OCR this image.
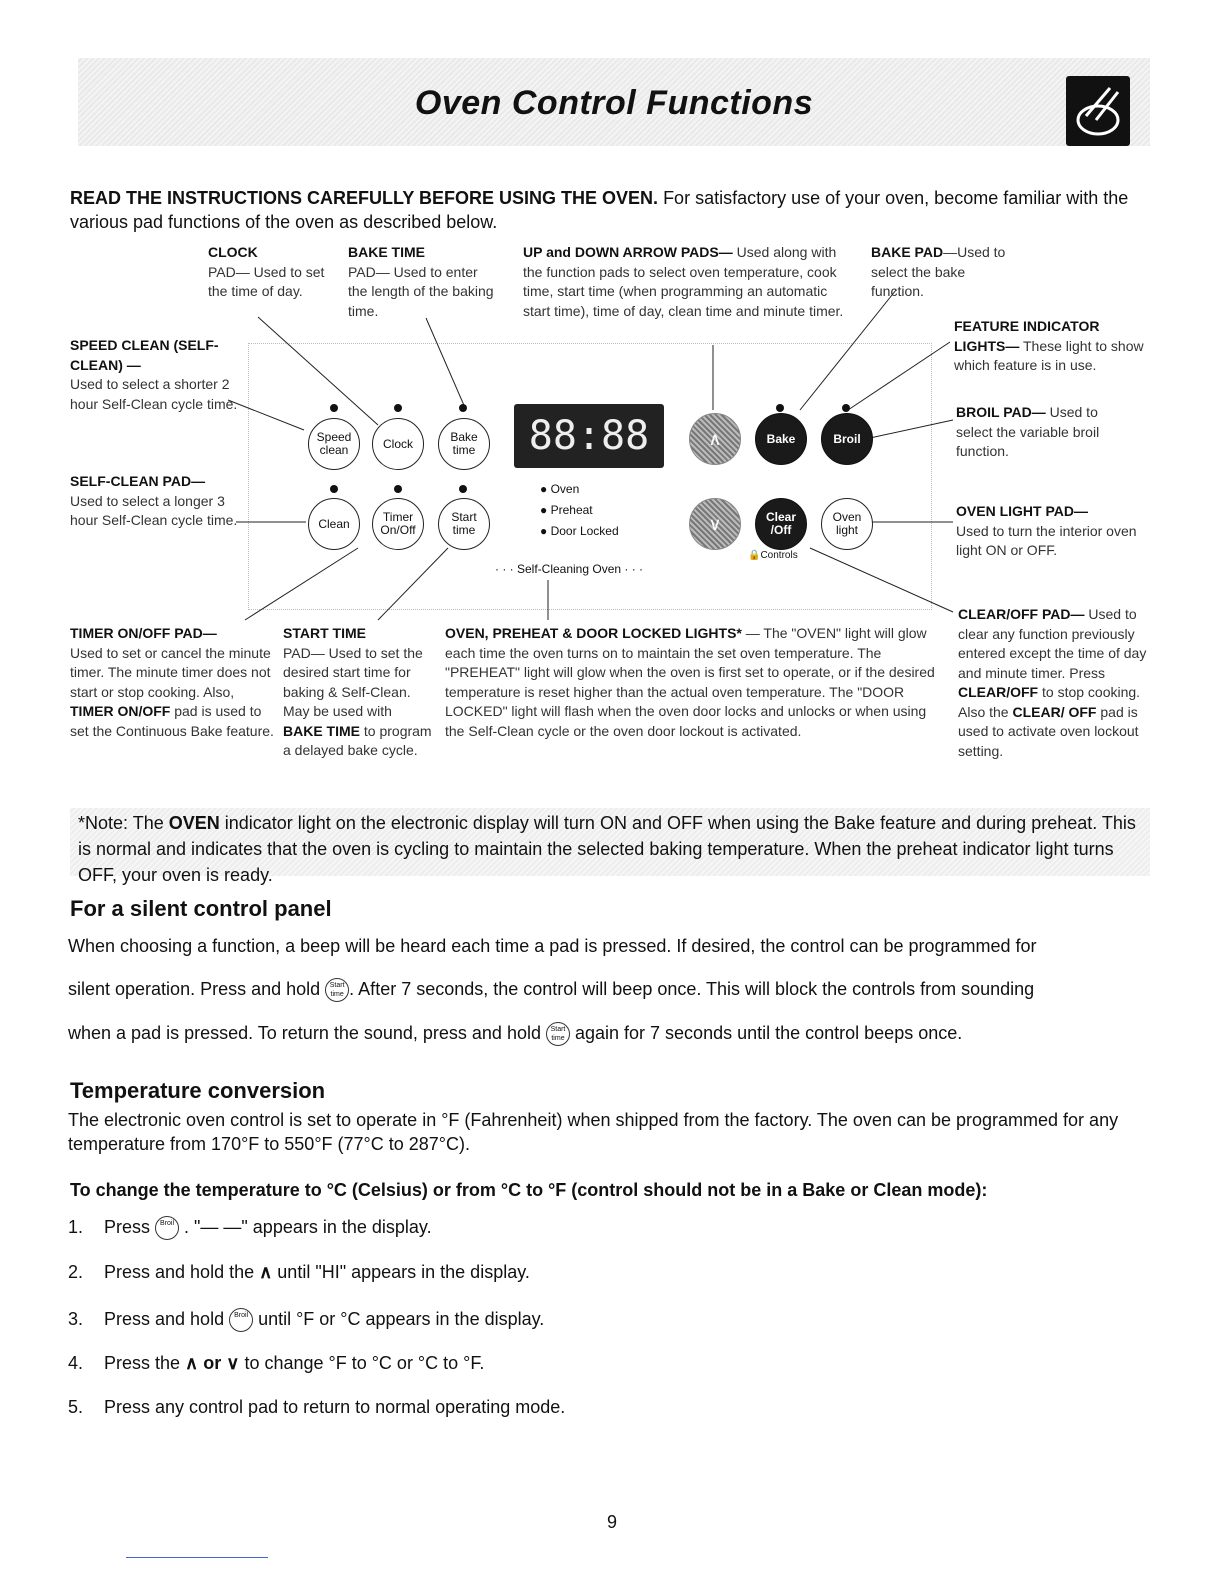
Oven Control Functions
READ THE INSTRUCTIONS CAREFULLY BEFORE USING THE OVEN. For satisfactory use of your oven, become familiar with the various pad functions of the oven as described below.
CLOCK
PAD— Used to set the time of day.
BAKE TIME
PAD— Used to enter the length of the baking time.
UP and DOWN ARROW PADS— Used along with the function pads to select oven temperature, cook time, start time (when programming an automatic start time), time of day, clean time and minute timer.
BAKE PAD—Used to select the bake function.
FEATURE INDICATOR LIGHTS— These light to show which feature is in use.
BROIL PAD— Used to select the variable broil function.
SPEED CLEAN (SELF-CLEAN) —
Used to select a shorter 2 hour Self-Clean cycle time.
SELF-CLEAN PAD—
Used to select a longer 3 hour Self-Clean cycle time.
OVEN LIGHT PAD—
Used to turn the interior oven light ON or OFF.
TIMER ON/OFF PAD—
Used to set or cancel the minute timer. The minute timer does not start or stop cooking. Also, TIMER ON/OFF pad is used to set the Continuous Bake feature.
START TIME
PAD— Used to set the desired start time for baking & Self-Clean. May be used with BAKE TIME to program a delayed bake cycle.
OVEN, PREHEAT & DOOR LOCKED LIGHTS* — The "OVEN" light will glow each time the oven turns on to maintain the set oven temperature. The "PREHEAT" light will glow when the oven is first set to operate, or if the desired temperature is reset higher than the actual oven temperature. The "DOOR LOCKED" light will flash when the oven door locks and unlocks or when using the Self-Clean cycle or the oven door lockout is activated.
CLEAR/OFF PAD— Used to clear any function previously entered except the time of day and minute timer. Press CLEAR/OFF to stop cooking. Also the CLEAR/ OFF pad is used to activate oven lockout setting.
Speed clean	Clock	Bake time	88:88	∧	Bake	Broil
Clean	Timer On/Off
Start time
● Oven
● Preheat
● Door Locked	∨	Clear /Off
Oven light
🔒Controls
· · · Self-Cleaning Oven · · ·

*Note: The OVEN indicator light on the electronic display will turn ON and OFF when using the Bake feature and during preheat. This is normal and indicates that the oven is cycling to maintain the selected baking temperature. When the preheat indicator light turns OFF, your oven is ready.

For a silent control panel
When choosing a function, a beep will be heard each time a pad is pressed. If desired, the control can be programmed for
silent operation. Press and hold Start time . After 7 seconds, the control will beep once. This will block the controls from sounding
when a pad is pressed. To return the sound, press and hold Start time again for 7 seconds until the control beeps once.
Temperature conversion
The electronic oven control is set to operate in °F (Fahrenheit) when shipped from the factory. The oven can be programmed for any temperature from 170°F to 550°F (77°C to 287°C).
To change the temperature to °C (Celsius) or from °C to °F (control should not be in a Bake or Clean mode):
1. Press Broil . "— —" appears in the display.
2. Press and hold the ∧ until "HI" appears in the display.
3. Press and hold Broil until °F or °C appears in the display.
4. Press the ∧ or ∨ to change °F to °C or °C to °F.
5. Press any control pad to return to normal operating mode.
9
